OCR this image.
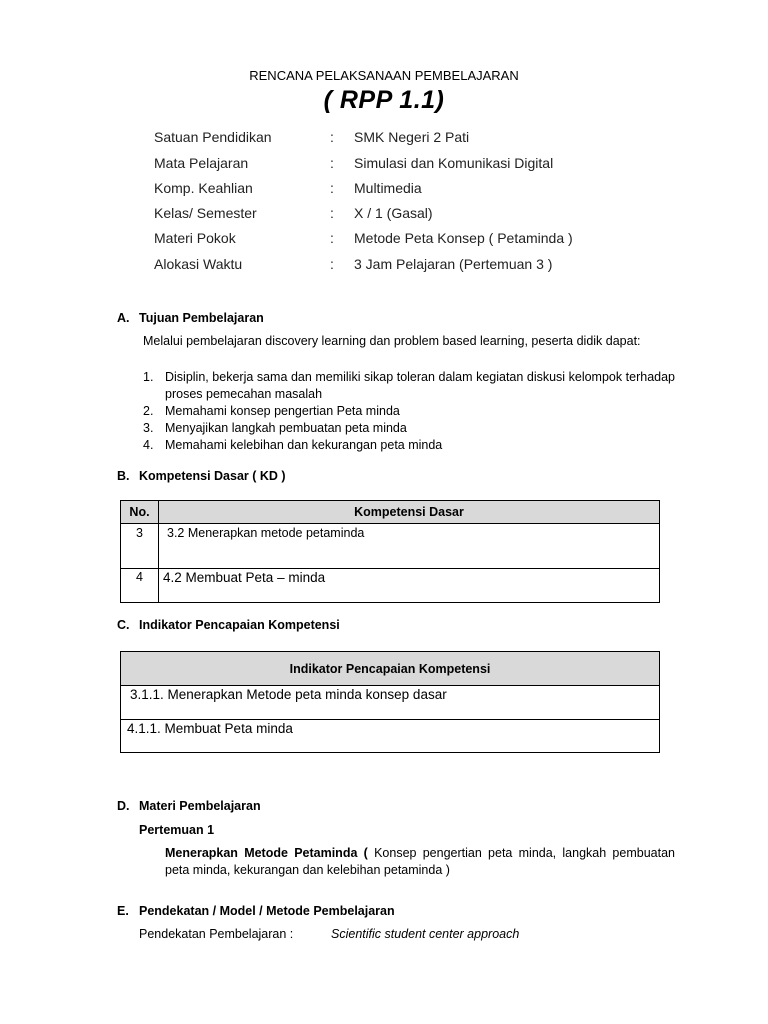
RENCANA PELAKSANAAN PEMBELAJARAN
( RPP 1.1)
Satuan Pendidikan	: SMK Negeri 2 Pati
Mata Pelajaran	: Simulasi dan Komunikasi Digital
Komp. Keahlian	: Multimedia
Kelas/ Semester	: X / 1 (Gasal)
Materi Pokok	: Metode Peta Konsep ( Petaminda )
Alokasi Waktu	: 3 Jam Pelajaran (Pertemuan 3 )
A. Tujuan Pembelajaran
Melalui pembelajaran discovery learning dan problem based learning, peserta didik dapat:
1. Disiplin, bekerja sama dan memiliki sikap toleran dalam kegiatan diskusi kelompok terhadap proses pemecahan masalah
2. Memahami konsep pengertian Peta minda
3. Menyajikan langkah pembuatan peta minda
4. Memahami kelebihan dan kekurangan peta minda
B. Kompetensi Dasar ( KD )
No.	Kompetensi Dasar
3	3.2 Menerapkan metode petaminda
4	4.2 Membuat Peta – minda
C. Indikator Pencapaian Kompetensi
Indikator Pencapaian Kompetensi
3.1.1. Menerapkan Metode peta minda konsep dasar
4.1.1. Membuat Peta minda
D. Materi Pembelajaran
Pertemuan 1
Menerapkan Metode Petaminda ( Konsep pengertian peta minda, langkah pembuatan peta minda, kekurangan dan kelebihan petaminda )
E. Pendekatan / Model / Metode Pembelajaran
Pendekatan Pembelajaran :	Scientific student center approach
